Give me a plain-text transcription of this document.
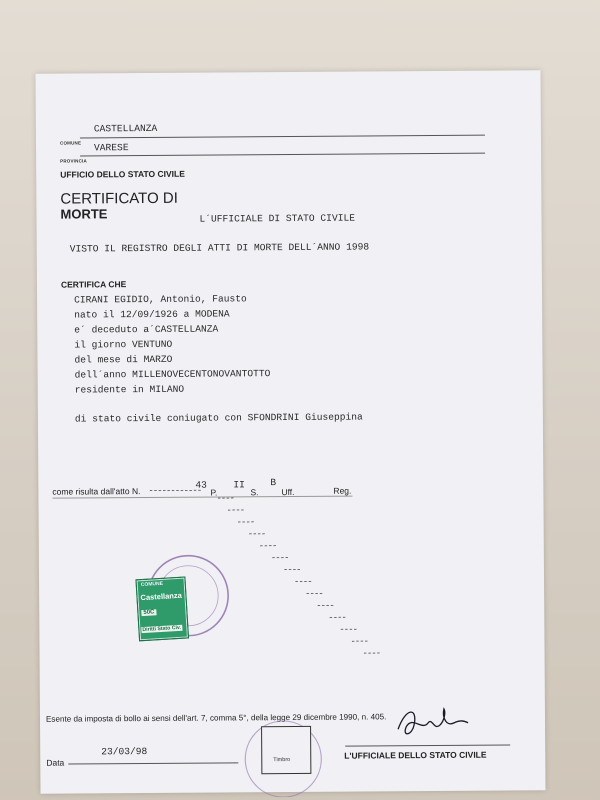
CASTELLANZA
COMUNE VARESE
PROVINCIA
UFFICIO DELLO STATO CIVILE
CERTIFICATO DI
MORTE	L´UFFICIALE DI STATO CIVILE
VISTO IL REGISTRO DEGLI ATTI DI MORTE DELL´ANNO 1998
CERTIFICA CHE
CIRANI EGIDIO, Antonio, Fausto
nato il 12/09/1926 a MODENA
e´ deceduto a´CASTELLANZA
il giorno VENTUNO
del mese di MARZO
dell´anno MILLENOVECENTONOVANTOTTO
residente in MILANO
di stato civile coniugato con SFONDRINI Giuseppina
come risulta dall'atto N. ------------
43
P.
II
S.
B
Uff.	Reg.
----
----
----
----
----
----
----
----
----
----
----
----
----
----
COMUNE
Castellanza
50C
Diritti Stato Civ.
Esente da imposta di bollo ai sensi dell'art. 7, comma 5°, della legge 29 dicembre 1990, n. 405.
Data
23/03/98
Timbro	L'UFFICIALE DELLO STATO CIVILE
